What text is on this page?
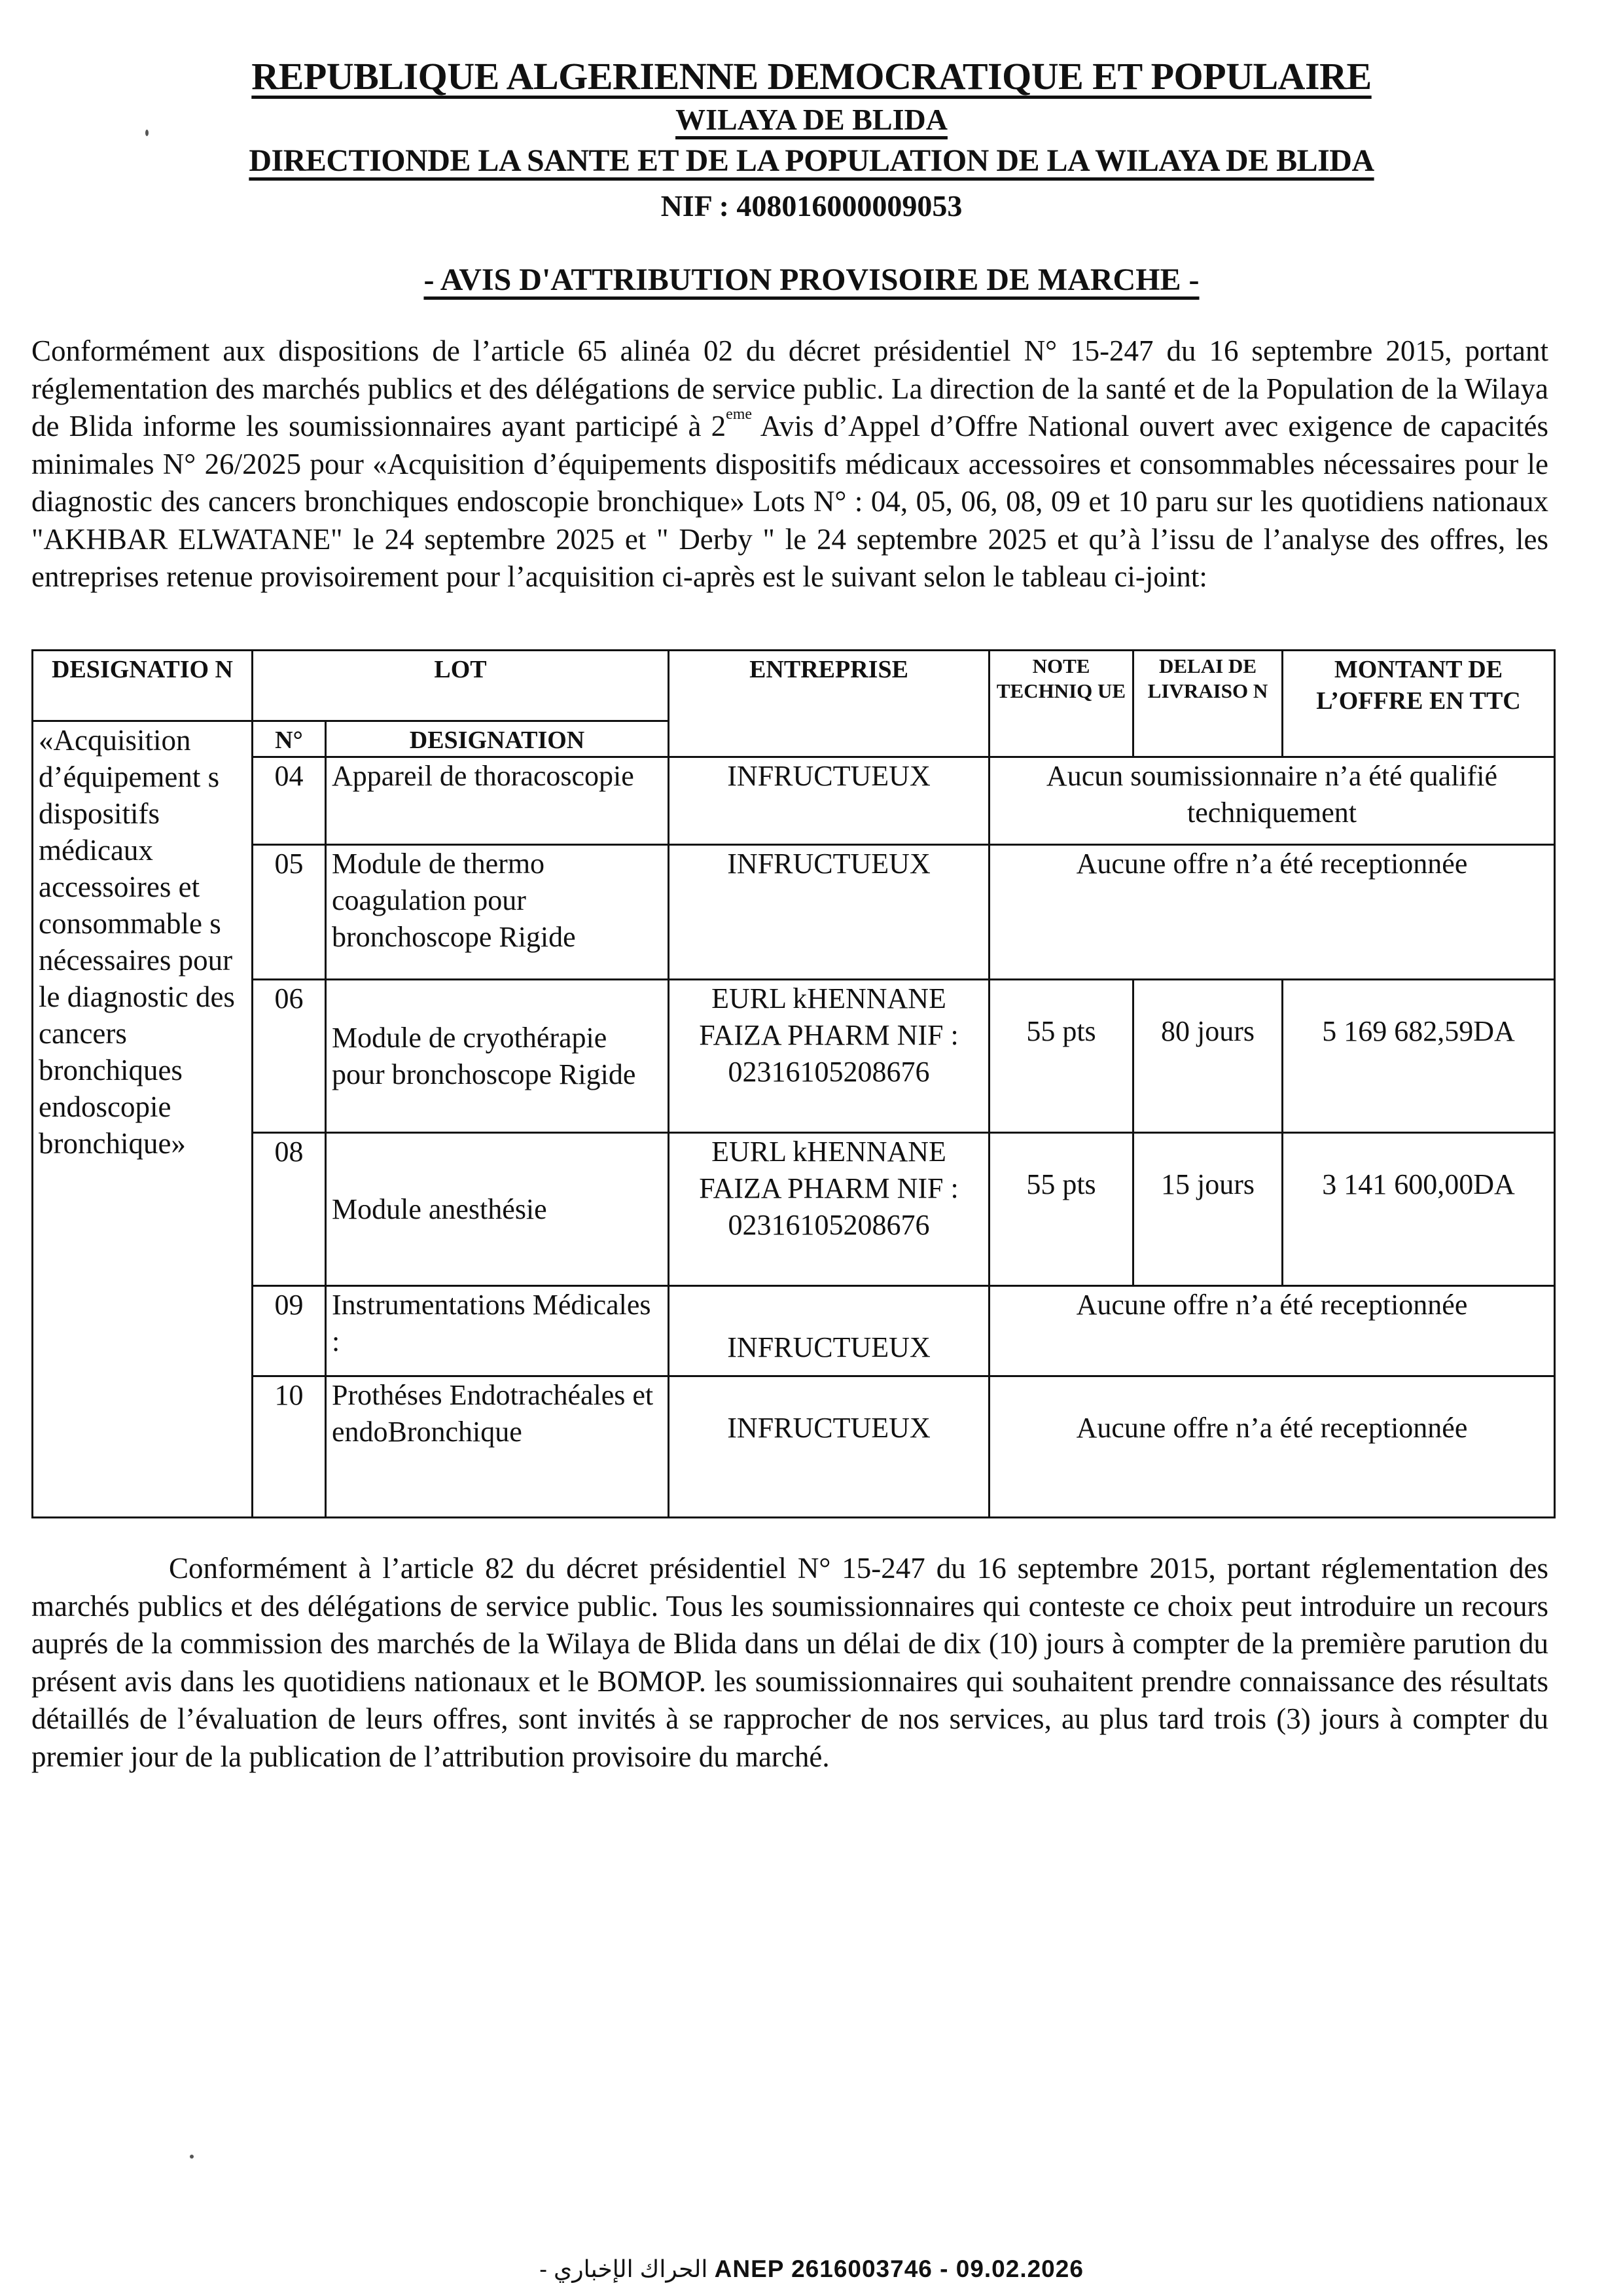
REPUBLIQUE ALGERIENNE DEMOCRATIQUE ET POPULAIRE
WILAYA DE BLIDA
DIRECTIONDE LA SANTE ET DE LA POPULATION DE LA WILAYA DE BLIDA
NIF : 408016000009053
- AVIS D'ATTRIBUTION PROVISOIRE DE MARCHE -
Conformément aux dispositions de l’article 65 alinéa 02 du décret présidentiel N° 15-247 du 16 septembre 2015, portant réglementation des marchés publics et des délégations de service public. La direction de la santé et de la Population de la Wilaya de Blida informe les soumissionnaires ayant participé à 2eme Avis d’Appel d’Offre National ouvert avec exigence de capacités minimales N° 26/2025 pour «Acquisition d’équipements dispositifs médicaux accessoires et consommables nécessaires pour le diagnostic des cancers bronchiques endoscopie bronchique» Lots N° : 04, 05, 06, 08, 09 et 10 paru sur les quotidiens nationaux "AKHBAR ELWATANE" le 24 septembre 2025 et " Derby " le 24 septembre 2025 et qu’à l’issu de l’analyse des offres, les entreprises retenue provisoirement pour l’acquisition ci-après est le suivant selon le tableau ci-joint:
DESIGNATIO N	LOT		ENTREPRISE	NOTE TECHNIQ UE	DELAI DE LIVRAISO N	MONTANT DE L’OFFRE EN TTC
«Acquisition d’équipement s dispositifs médicaux accessoires et consommable s nécessaires pour le diagnostic des cancers bronchiques endoscopie bronchique»	N°	DESIGNATION				
	04	Appareil de thoracoscopie	INFRUCTUEUX	Aucun soumissionnaire n’a été qualifié techniquement		
	05	Module de thermo coagulation pour bronchoscope Rigide	INFRUCTUEUX	Aucune offre n’a été receptionnée		
	06	Module de cryothérapie pour bronchoscope Rigide	EURL kHENNANE FAIZA PHARM NIF : 02316105208676	55 pts	80 jours	5 169 682,59DA
	08	Module anesthésie	EURL kHENNANE FAIZA PHARM NIF : 02316105208676	55 pts	15 jours	3 141 600,00DA
	09	Instrumentations Médicales :	INFRUCTUEUX	Aucune offre n’a été receptionnée		
	10	Prothéses Endotrachéales et endoBronchique	INFRUCTUEUX	Aucune offre n’a été receptionnée		
Conformément à l’article 82 du décret présidentiel N° 15-247 du 16 septembre 2015, portant réglementation des marchés publics et des délégations de service public. Tous les soumissionnaires qui conteste ce choix peut introduire un recours auprés de la commission des marchés de la Wilaya de Blida dans un délai de dix (10) jours à compter de la première parution du présent avis dans les quotidiens nationaux et le BOMOP. les soumissionnaires qui souhaitent prendre connaissance des résultats détaillés de l’évaluation de leurs offres, sont invités à se rapprocher de nos services, au plus tard trois (3) jours à compter du premier jour de la publication de l’attribution provisoire du marché.
الحراك الإخباري - ANEP 2616003746 - 09.02.2026
